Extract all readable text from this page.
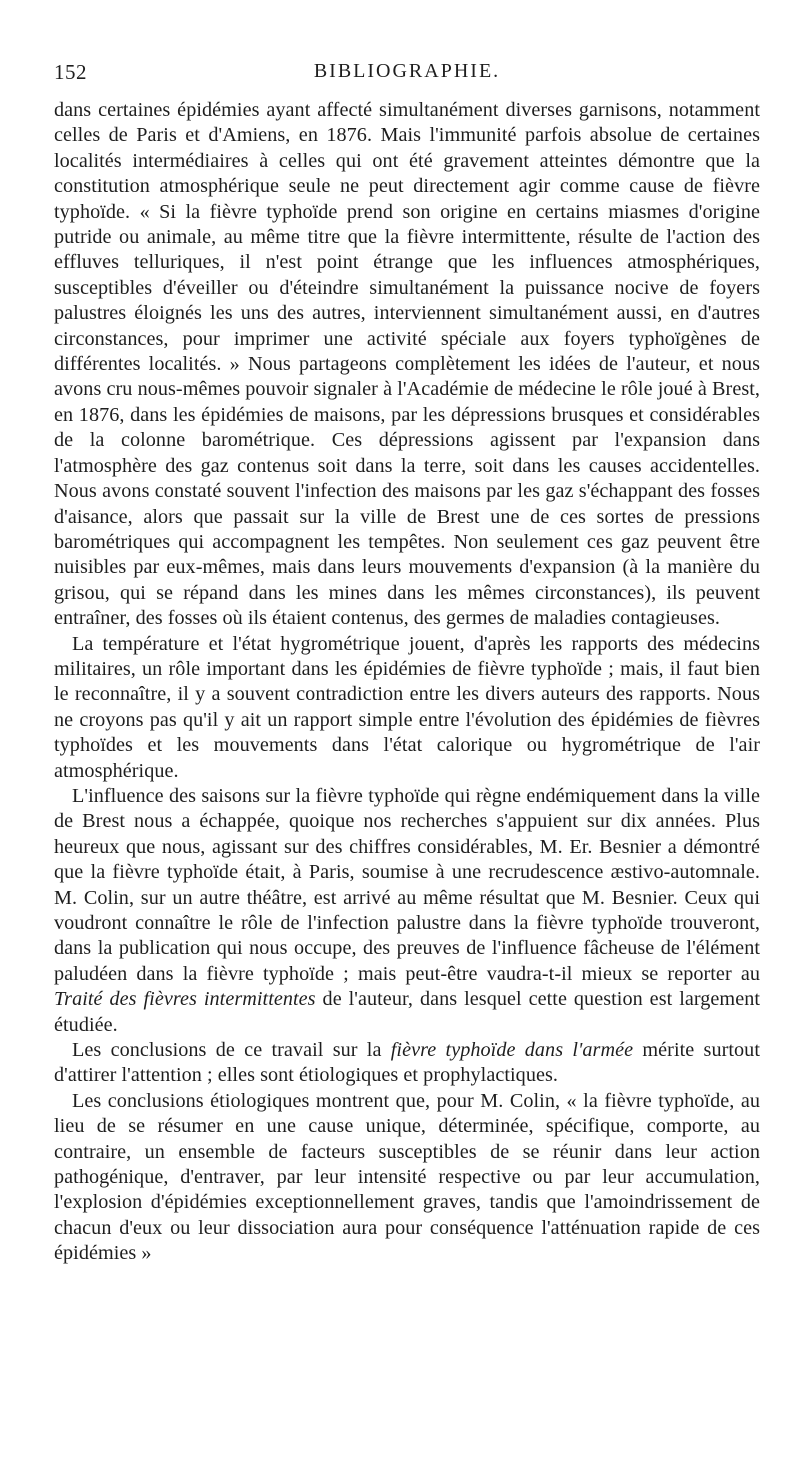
152	BIBLIOGRAPHIE.

dans certaines épidémies ayant affecté simultanément diverses garnisons, notamment celles de Paris et d'Amiens, en 1876. Mais l'immunité parfois absolue de certaines localités intermédiaires à celles qui ont été gravement atteintes démontre que la constitution atmosphérique seule ne peut directement agir comme cause de fièvre typhoïde. « Si la fièvre typhoïde prend son origine en certains miasmes d'origine putride ou animale, au même titre que la fièvre intermittente, résulte de l'action des effluves telluriques, il n'est point étrange que les influences atmosphériques, susceptibles d'éveiller ou d'éteindre simultanément la puissance nocive de foyers palustres éloignés les uns des autres, interviennent simultanément aussi, en d'autres circonstances, pour imprimer une activité spéciale aux foyers typhoïgènes de différentes localités. » Nous partageons complètement les idées de l'auteur, et nous avons cru nous-mêmes pouvoir signaler à l'Académie de médecine le rôle joué à Brest, en 1876, dans les épidémies de maisons, par les dépressions brusques et considérables de la colonne barométrique. Ces dépressions agissent par l'expansion dans l'atmosphère des gaz contenus soit dans la terre, soit dans les causes accidentelles. Nous avons constaté souvent l'infection des maisons par les gaz s'échappant des fosses d'aisance, alors que passait sur la ville de Brest une de ces sortes de pressions barométriques qui accompagnent les tempêtes. Non seulement ces gaz peuvent être nuisibles par eux-mêmes, mais dans leurs mouvements d'expansion (à la manière du grisou, qui se répand dans les mines dans les mêmes circonstances), ils peuvent entraîner, des fosses où ils étaient contenus, des germes de maladies contagieuses.

La température et l'état hygrométrique jouent, d'après les rapports des médecins militaires, un rôle important dans les épidémies de fièvre typhoïde ; mais, il faut bien le reconnaître, il y a souvent contradiction entre les divers auteurs des rapports. Nous ne croyons pas qu'il y ait un rapport simple entre l'évolution des épidémies de fièvres typhoïdes et les mouvements dans l'état calorique ou hygrométrique de l'air atmosphérique.

L'influence des saisons sur la fièvre typhoïde qui règne endémiquement dans la ville de Brest nous a échappée, quoique nos recherches s'appuient sur dix années. Plus heureux que nous, agissant sur des chiffres considérables, M. Er. Besnier a démontré que la fièvre typhoïde était, à Paris, soumise à une recrudescence æstivo-automnale. M. Colin, sur un autre théâtre, est arrivé au même résultat que M. Besnier. Ceux qui voudront connaître le rôle de l'infection palustre dans la fièvre typhoïde trouveront, dans la publication qui nous occupe, des preuves de l'influence fâcheuse de l'élément paludéen dans la fièvre typhoïde ; mais peut-être vaudra-t-il mieux se reporter au Traité des fièvres intermittentes de l'auteur, dans lesquel cette question est largement étudiée.

Les conclusions de ce travail sur la fièvre typhoïde dans l'armée mérite surtout d'attirer l'attention ; elles sont étiologiques et prophylactiques.

Les conclusions étiologiques montrent que, pour M. Colin, « la fièvre typhoïde, au lieu de se résumer en une cause unique, déterminée, spécifique, comporte, au contraire, un ensemble de facteurs susceptibles de se réunir dans leur action pathogénique, d'entraver, par leur intensité respective ou par leur accumulation, l'explosion d'épidémies exceptionnellement graves, tandis que l'amoindrissement de chacun d'eux ou leur dissociation aura pour conséquence l'atténuation rapide de ces épidémies »
